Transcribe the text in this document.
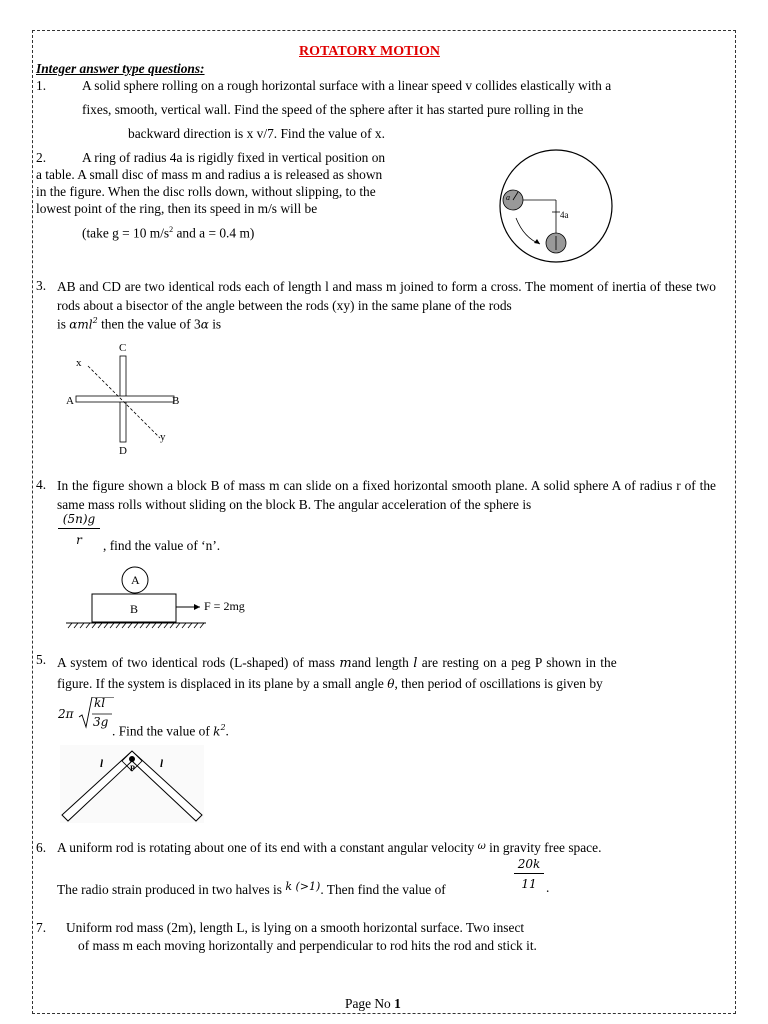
ROTATORY MOTION
Integer answer type questions:
1.	A solid sphere rolling on a rough horizontal surface with a linear speed v collides elastically with a
fixes, smooth, vertical wall. Find the speed of the sphere after it has started pure rolling in the
backward direction is x v/7. Find the value of x.
2.	A ring of radius 4a is rigidly fixed in vertical position on
a table. A small disc of mass m and radius a is released as shown
in the figure. When the disc rolls down, without slipping, to the
lowest point of the ring, then its speed in m/s will be
(take g = 10 $m/s^2$ and a = 0.4 m)
a
4a
3. AB and CD are two identical rods each of length l and mass m joined to form a cross. The moment of inertia of these two rods about a bisector of the angle between the rods (xy) in the same plane of the rods
is αml$^2$ then the value of 3α is
C
D
A	B
x
y
4. In the figure shown a block B of mass m can slide on a fixed horizontal smooth plane. A solid sphere A of radius r of the same mass rolls without sliding on the block B. The angular acceleration of the sphere is
$\frac{(5n)g}{r}$ , find the value of ‘n’.
A
B	F = 2mg
5. A system of two identical rods (L-shaped) of mass mand length l are resting on a peg P shown in the
figure. If the system is displaced in its plane by a small angle θ, then period of oscillations is given by
2π
kl
3g
. Find the value of $k^2$.
P
l	l
6. A uniform rod is rotating about one of its end with a constant angular velocity $^\omega$ in gravity free space.
The radio strain produced in two halves is $^{k (>1)}$. Then find the value of	$\frac{20k}{11}$ .
7. Uniform rod mass (2m), length L, is lying on a smooth horizontal surface. Two insect
of mass m each moving horizontally and perpendicular to rod hits the rod and stick it.
Page No 1
